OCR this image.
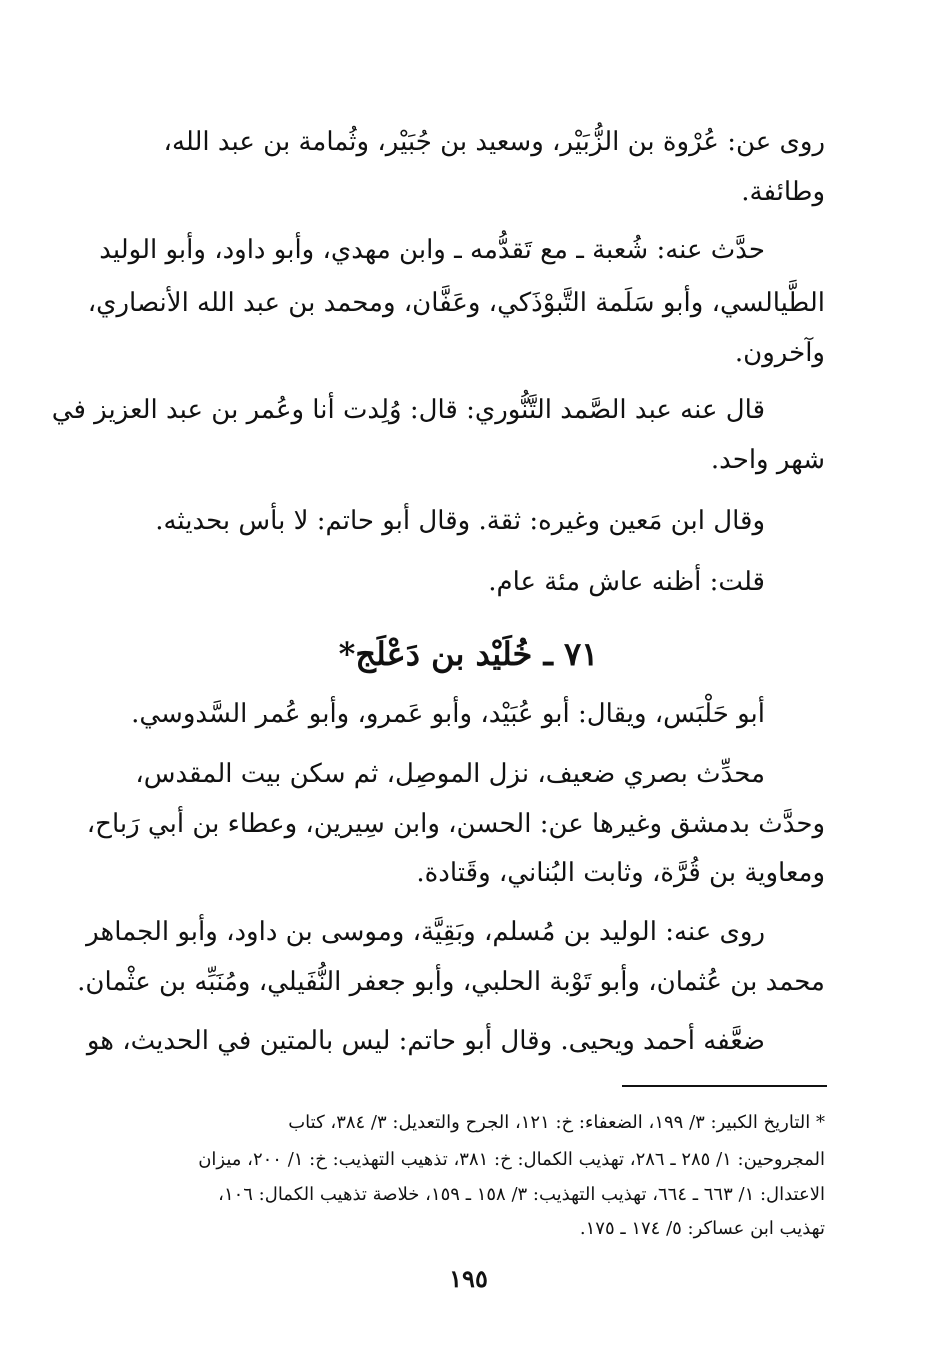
روى عن: عُرْوة بن الزُّبَيْر، وسعيد بن جُبَيْر، وثُمامة بن عبد الله،
وطائفة.
حدَّث عنه: شُعبة ـ مع تَقدُّمه ـ وابن مهدي، وأبو داود، وأبو الوليد
الطَّيالسي، وأبو سَلَمة التَّبوْذَكي، وعَفَّان، ومحمد بن عبد الله الأنصاري،
وآخرون.
قال عنه عبد الصَّمد التَّنُّوري: قال: وُلِدت أنا وعُمر بن عبد العزيز في
شهر واحد.
وقال ابن مَعين وغيره: ثقة. وقال أبو حاتم: لا بأس بحديثه.
قلت: أظنه عاش مئة عام.
٧١ ـ خُلَيْد بن دَعْلَج*
أبو حَلْبَس، ويقال: أبو عُبَيْد، وأبو عَمرو، وأبو عُمر السَّدوسي.
محدِّث بصري ضعيف، نزل الموصِل، ثم سكن بيت المقدس،
وحدَّث بدمشق وغيرها عن: الحسن، وابن سِيرين، وعطاء بن أبي رَباح،
ومعاوية بن قُرَّة، وثابت البُناني، وقَتادة.
روى عنه: الوليد بن مُسلم، وبَقِيَّة، وموسى بن داود، وأبو الجماهر
محمد بن عُثمان، وأبو تَوْبة الحلبي، وأبو جعفر النُّفَيلي، ومُنَبِّه بن عثْمان.
ضعَّفه أحمد ويحيى. وقال أبو حاتم: ليس بالمتين في الحديث، هو
* التاريخ الكبير: ٣/ ١٩٩، الضعفاء: خ: ١٢١، الجرح والتعديل: ٣/ ٣٨٤، كتاب
المجروحين: ١/ ٢٨٥ ـ ٢٨٦، تهذيب الكمال: خ: ٣٨١، تذهيب التهذيب: خ: ١/ ٢٠٠، ميزان
الاعتدال: ١/ ٦٦٣ ـ ٦٦٤، تهذيب التهذيب: ٣/ ١٥٨ ـ ١٥٩، خلاصة تذهيب الكمال: ١٠٦،
تهذيب ابن عساكر: ٥/ ١٧٤ ـ ١٧٥.
١٩٥
